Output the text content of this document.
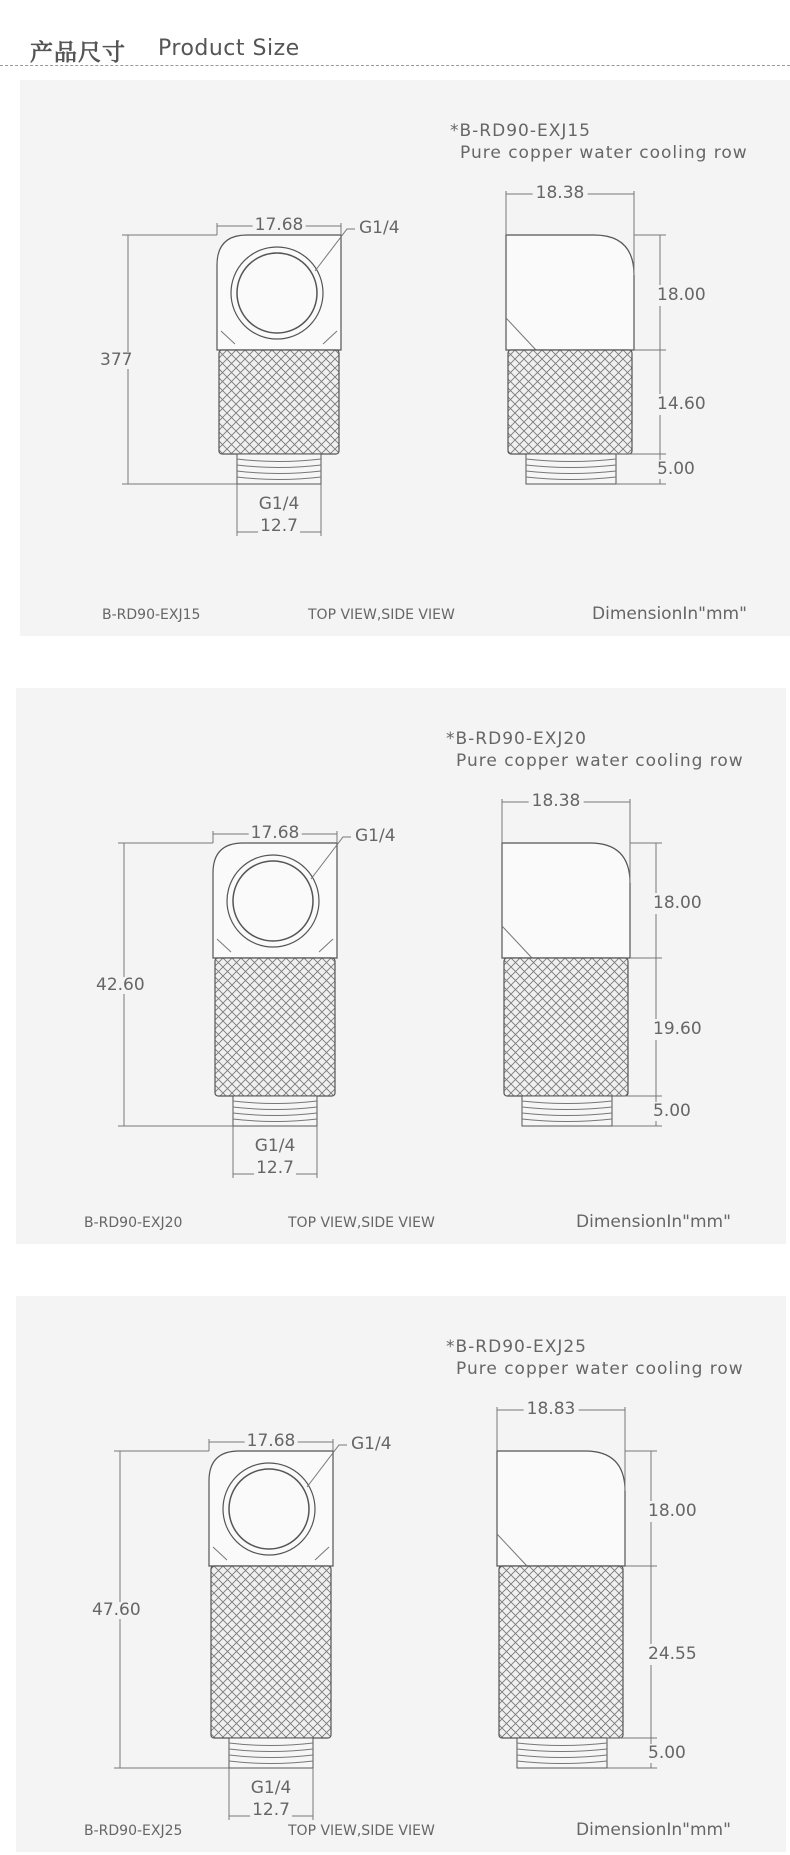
产品尺寸 Product Size
*B-RD90-EXJ15
Pure copper water cooling row
17.68	G1/4
377
G1/4
12.7
18.38
18.00
14.60
5.00
B-RD90-EXJ15	TOP VIEW,SIDE VIEW	DimensionIn"mm"
*B-RD90-EXJ20
Pure copper water cooling row
17.68	G1/4
42.60
G1/4
12.7
18.38
18.00
19.60
5.00
B-RD90-EXJ20	TOP VIEW,SIDE VIEW	DimensionIn"mm"
*B-RD90-EXJ25
Pure copper water cooling row
17.68	G1/4
47.60
G1/4
12.7
18.83
18.00
24.55
5.00
B-RD90-EXJ25	TOP VIEW,SIDE VIEW	DimensionIn"mm"
